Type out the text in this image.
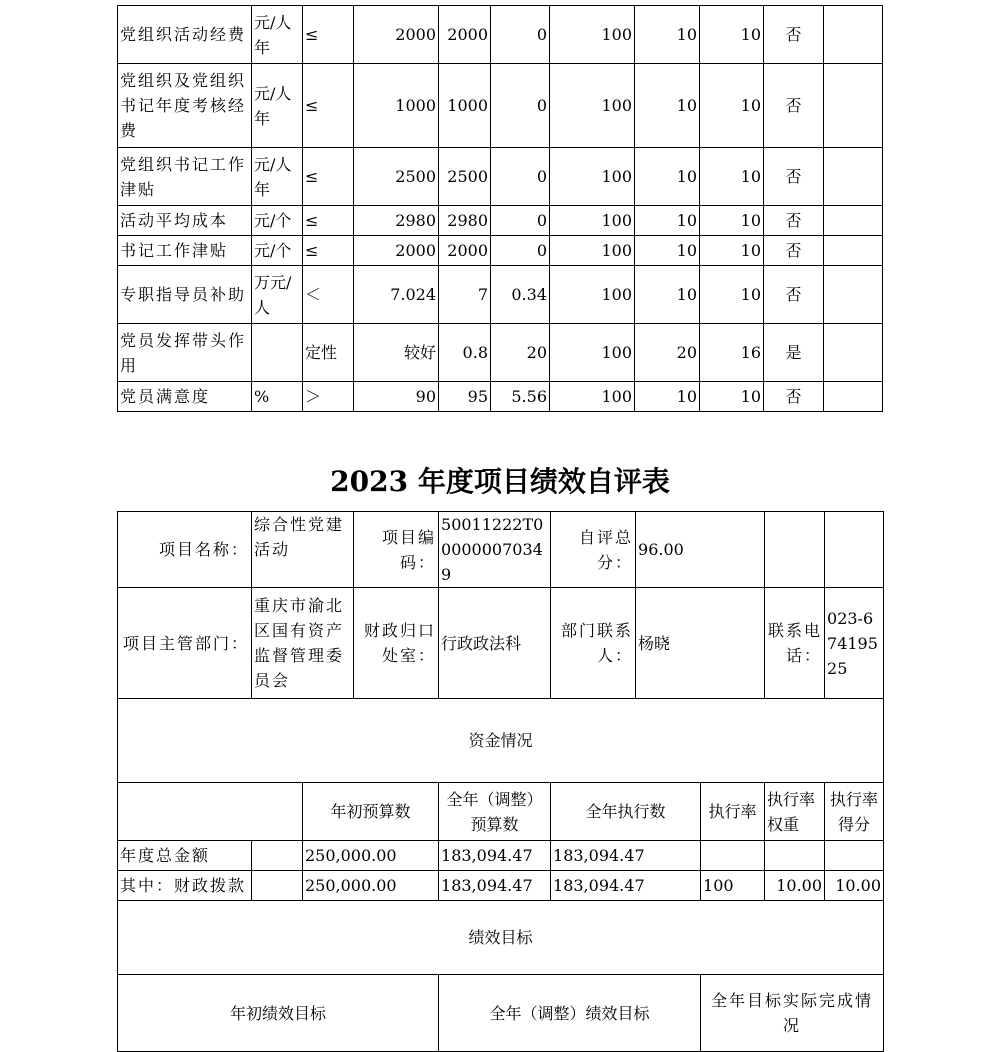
党组织活动经费	元/人年	≤	2000	2000	0	100	10	10	否	
党组织及党组织书记年度考核经费	元/人年	≤	1000	1000	0	100	10	10	否	
党组织书记工作津贴	元/人年	≤	2500	2500	0	100	10	10	否	
活动平均成本	元/个	≤	2980	2980	0	100	10	10	否	
书记工作津贴	元/个	≤	2000	2000	0	100	10	10	否	
专职指导员补助	万元/人	＜	7.024	7	0.34	100	10	10	否	
党员发挥带头作用		定性	较好	0.8	20	100	20	16	是	
党员满意度	%	＞	90	95	5.56	100	10	10	否	
2023 年度项目绩效自评表
项目名称：	综合性党建活动		项目编码：	50011222T000000070349	自评总分：	96.00			
项目主管部门：	重庆市渝北区国有资产监督管理委员会		财政归口处室：	行政政法科	部门联系人：	杨晓		联系电话：	023-67419525
资金情况									
		年初预算数		全年（调整）预算数	全年执行数		执行率	执行率权重	执行率得分
年度总金额		250,000.00		183,094.47	183,094.47				
其中：财政拨款		250,000.00		183,094.47	183,094.47		100	10.00	10.00
绩效目标									
年初绩效目标				全年（调整）绩效目标			全年目标实际完成情况		
